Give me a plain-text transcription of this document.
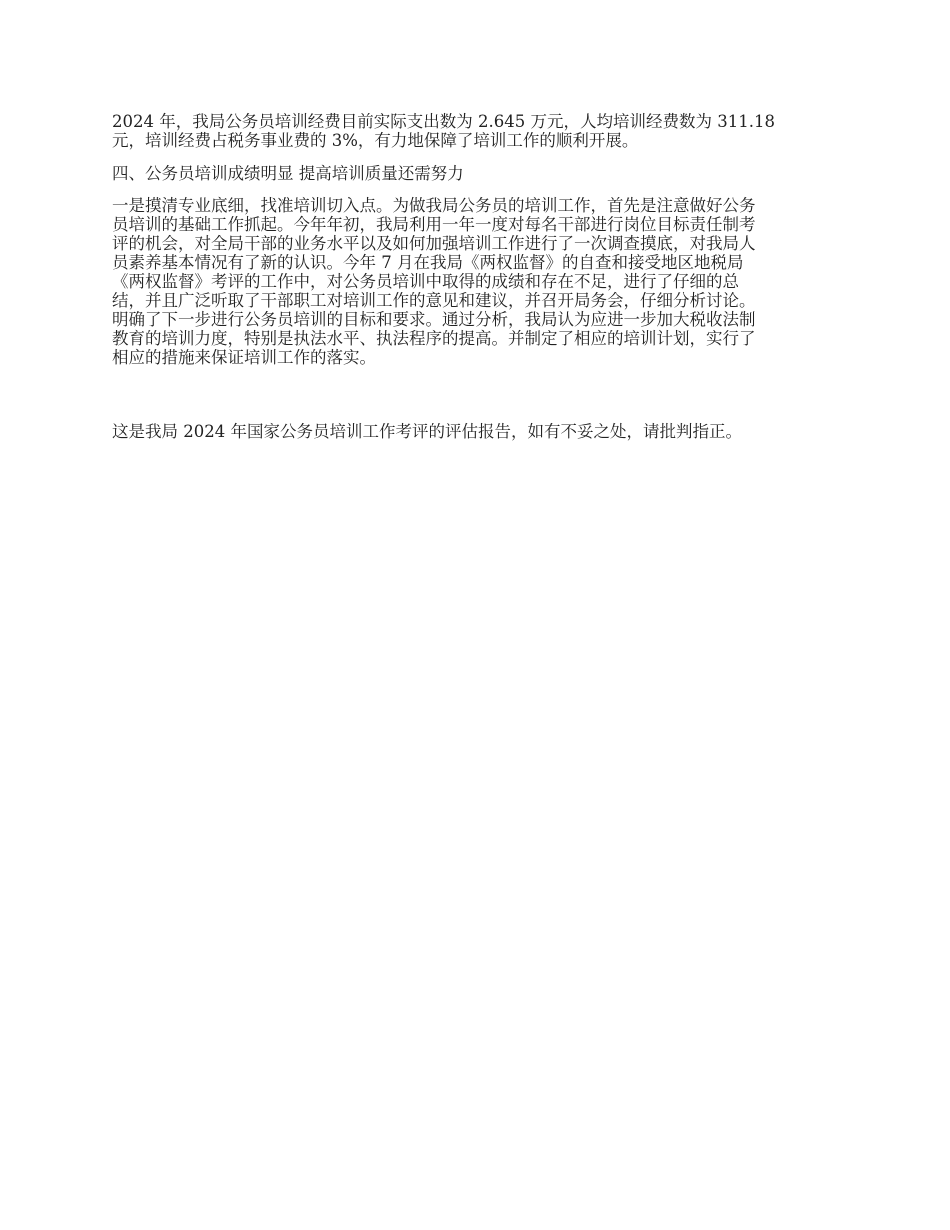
2024 年，我局公务员培训经费目前实际支出数为 2.645 万元，人均培训经费数为 311.18
元，培训经费占税务事业费的 3%，有力地保障了培训工作的顺利开展。

四、公务员培训成绩明显 提高培训质量还需努力

一是摸清专业底细，找准培训切入点。为做我局公务员的培训工作，首先是注意做好公务
员培训的基础工作抓起。今年年初，我局利用一年一度对每名干部进行岗位目标责任制考
评的机会，对全局干部的业务水平以及如何加强培训工作进行了一次调查摸底，对我局人
员素养基本情况有了新的认识。今年 7 月在我局《两权监督》的自查和接受地区地税局
《两权监督》考评的工作中，对公务员培训中取得的成绩和存在不足，进行了仔细的总
结，并且广泛听取了干部职工对培训工作的意见和建议，并召开局务会，仔细分析讨论。
明确了下一步进行公务员培训的目标和要求。通过分析，我局认为应进一步加大税收法制
教育的培训力度，特别是执法水平、执法程序的提高。并制定了相应的培训计划，实行了
相应的措施来保证培训工作的落实。

这是我局 2024 年国家公务员培训工作考评的评估报告，如有不妥之处，请批判指正。
